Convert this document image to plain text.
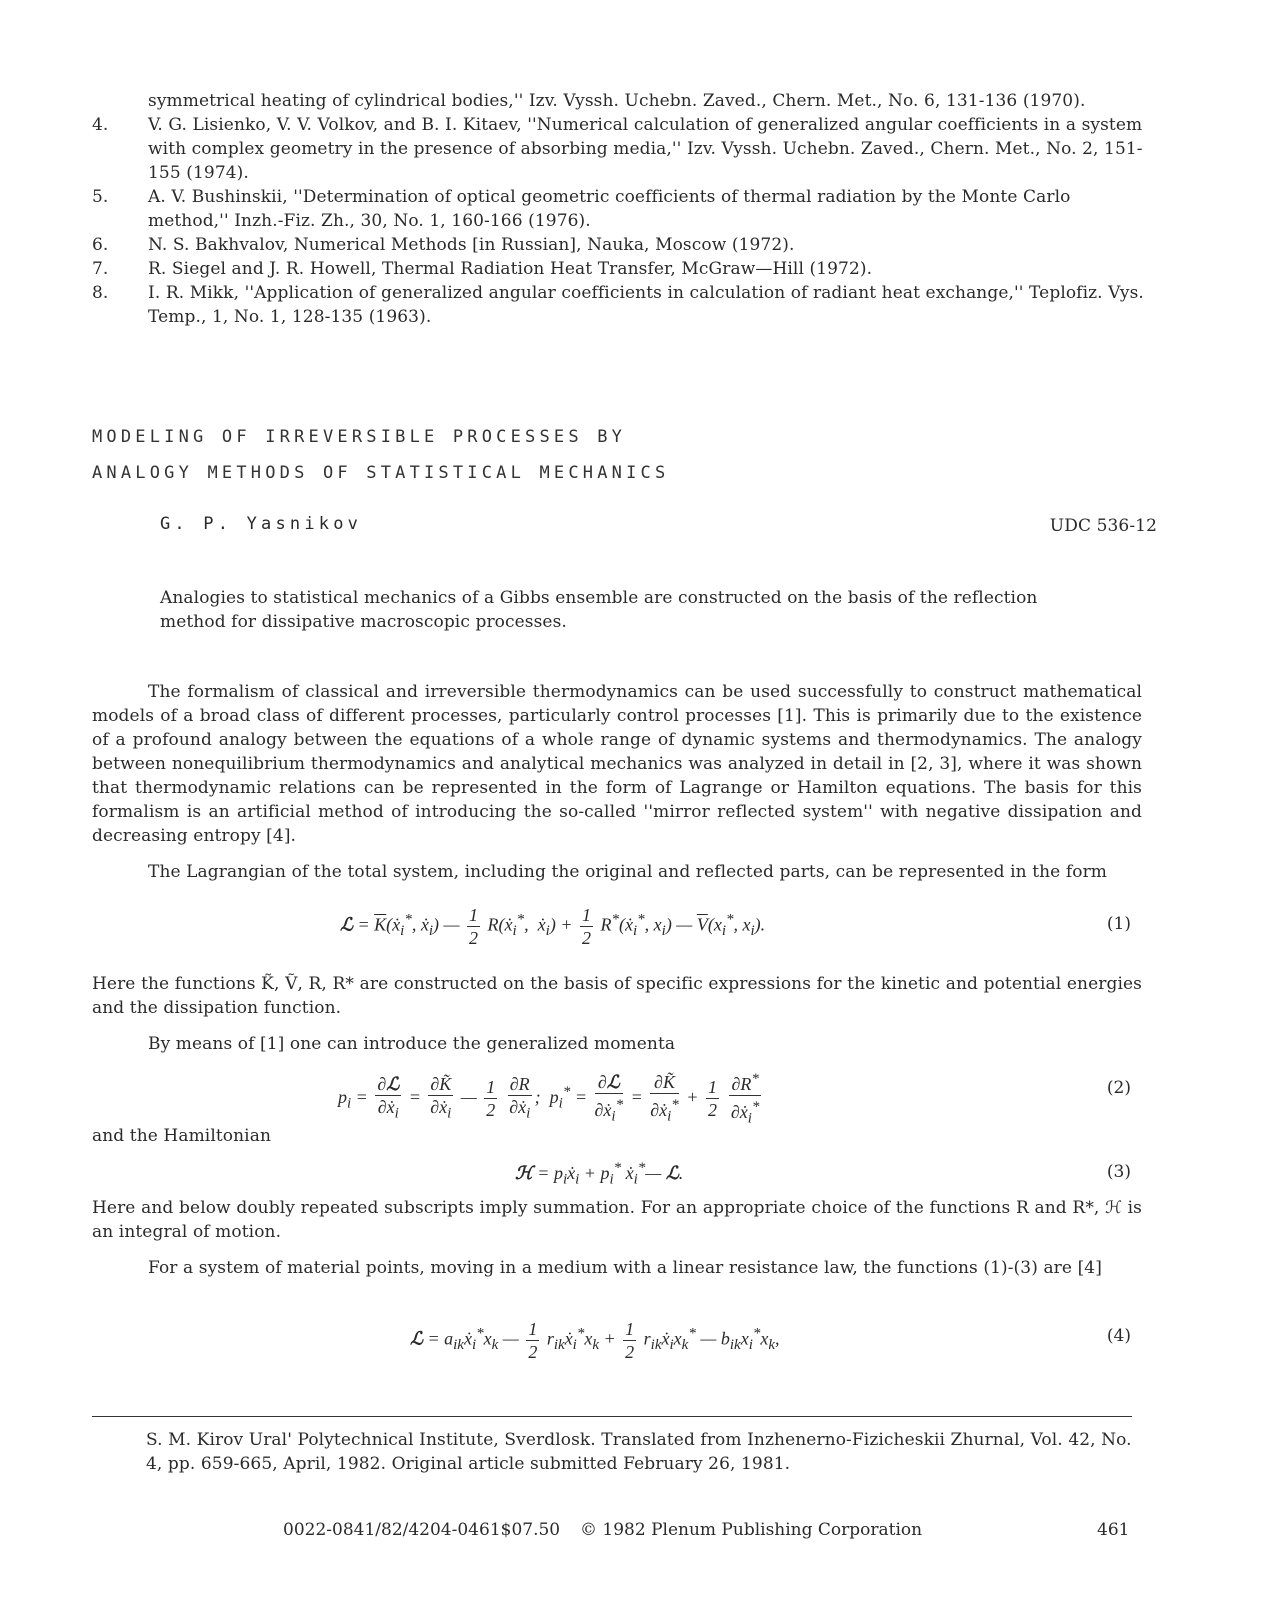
symmetrical heating of cylindrical bodies,'' Izv. Vyssh. Uchebn. Zaved., Chern. Met., No. 6, 131-136 (1970).
4.	V. G. Lisienko, V. V. Volkov, and B. I. Kitaev, ''Numerical calculation of generalized angular coefficients in a system with complex geometry in the presence of absorbing media,'' Izv. Vyssh. Uchebn. Zaved., Chern. Met., No. 2, 151-155 (1974).
5.	A. V. Bushinskii, ''Determination of optical geometric coefficients of thermal radiation by the Monte Carlo method,'' Inzh.-Fiz. Zh., 30, No. 1, 160-166 (1976).
6.	N. S. Bakhvalov, Numerical Methods [in Russian], Nauka, Moscow (1972).
7.	R. Siegel and J. R. Howell, Thermal Radiation Heat Transfer, McGraw—Hill (1972).
8.	I. R. Mikk, ''Application of generalized angular coefficients in calculation of radiant heat exchange,'' Teplofiz. Vys. Temp., 1, No. 1, 128-135 (1963).
MODELING OF IRREVERSIBLE PROCESSES BY
ANALOGY METHODS OF STATISTICAL MECHANICS
G. P. Yasnikov	UDC 536-12
Analogies to statistical mechanics of a Gibbs ensemble are constructed on the basis of the reflection method for dissipative macroscopic processes.
The formalism of classical and irreversible thermodynamics can be used successfully to construct mathematical models of a broad class of different processes, particularly control processes [1]. This is primarily due to the existence of a profound analogy between the equations of a whole range of dynamic systems and thermodynamics. The analogy between nonequilibrium thermodynamics and analytical mechanics was analyzed in detail in [2, 3], where it was shown that thermodynamic relations can be represented in the form of Lagrange or Hamilton equations. The basis for this formalism is an artificial method of introducing the so-called ''mirror reflected system'' with negative dissipation and decreasing entropy [4].
The Lagrangian of the total system, including the original and reflected parts, can be represented in the form
ℒ = $\overline{K}(ẋ_i^*$, ẋ$_i$) — $\frac{1}{2}$ R(ẋ$_i$*,  ẋ$_i$) + $\frac{1}{2}$ R*(ẋ$_i$*, $x_i$) — $\overline{V}(x_i^*$, $x_i$).	(1)
Here the functions K̃, Ṽ, R, R* are constructed on the basis of specific expressions for the kinetic and potential energies and the dissipation function.
By means of [1] one can introduce the generalized momenta
$p_i = \frac{\text{∂ℒ}}{\partial ẋ_i} = \frac{\partial K̃}{\partial ẋ_i}$ — $\frac{1}{2}$
$\frac{\partial R}{\partial ẋ_i}$ ;  $p_i^* = \frac{\text{∂ℒ}}{\partial ẋ_i^*} = \frac{\partial K̃}{\partial ẋ_i^*} + \frac{1}{2}$
$\frac{\partial R^*}{\partial ẋ_i^*}$	(2)
and the Hamiltonian
ℋ = $p_iẋ_i + p_i^*$ ẋ$_i$*— ℒ.	(3)
Here and below doubly repeated subscripts imply summation. For an appropriate choice of the functions R and R*, ℋ is an integral of motion.
For a system of material points, moving in a medium with a linear resistance law, the functions (1)-(3) are [4]
ℒ = $a_{ik}ẋ_i^*x_k$ — $\frac{1}{2}$ $r_{ik}ẋ_i^*x_k + \frac{1}{2}$ $r_{ik}ẋ_ix_k^*$ — $b_{ik}x_i^*x_k$,	(4)
S. M. Kirov Ural' Polytechnical Institute, Sverdlosk. Translated from Inzhenerno-Fizicheskii Zhurnal, Vol. 42, No. 4, pp. 659-665, April, 1982. Original article submitted February 26, 1981.
0022-0841/82/4204-0461$07.50 © 1982 Plenum Publishing Corporation	461
